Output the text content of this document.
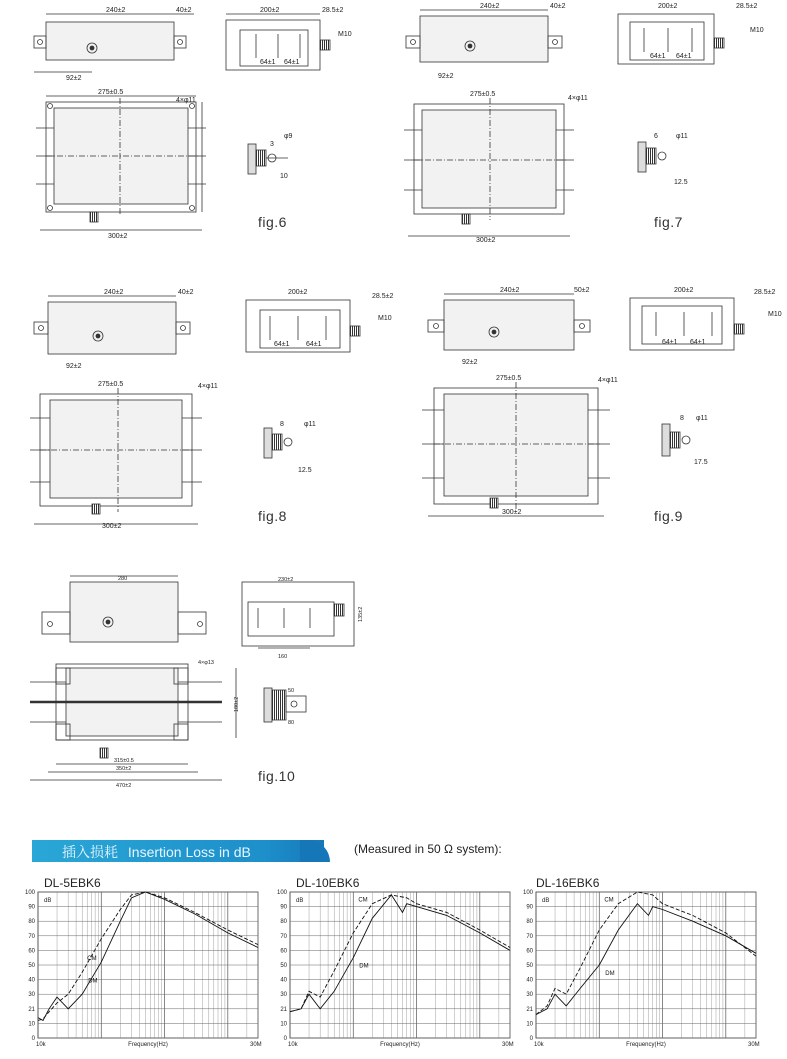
240±2	40±2	200±2	28.5±2
M10
64±1 64±1
92±2
275±0.5
4×φ11
300±2
3
φ9
10
fig.6
240±2	40±2	200±2	28.5±2
M10
64±1 64±1
92±2
275±0.5
4×φ11
300±2
6	φ11
12.5
fig.7
240±2	40±2	200±2
28.5±2
M10
64±1 64±1
92±2
275±0.5	4×φ11
300±2
8	φ11
12.5
fig.8
240±2	50±2	200±2	28.5±2
M10
64±1 64±1
92±2
275±0.5	4×φ11
300±2
8 φ11
17.5
fig.9
280	230±2
135±2
160
4×φ13
180±2
315±0.5
350±2
470±2
50
80
fig.10
插入损耗 Insertion Loss in dB	(Measured in 50 Ω system):
DL-5EBK6	DL-10EBK6	DL-16EBK6
0
10
21
30
40
50
60
70
80
90
100
dB
10k	30M
Frequency(Hz)
CM
DM
0
10
21
30
40
50
60
70
80
90
100
dB
10k	30M
Frequency(Hz)
CM
DM
0
10
21
30
40
50
60
70
80
90
100
dB
10k	30M
Frequency(Hz)
CM
DM
